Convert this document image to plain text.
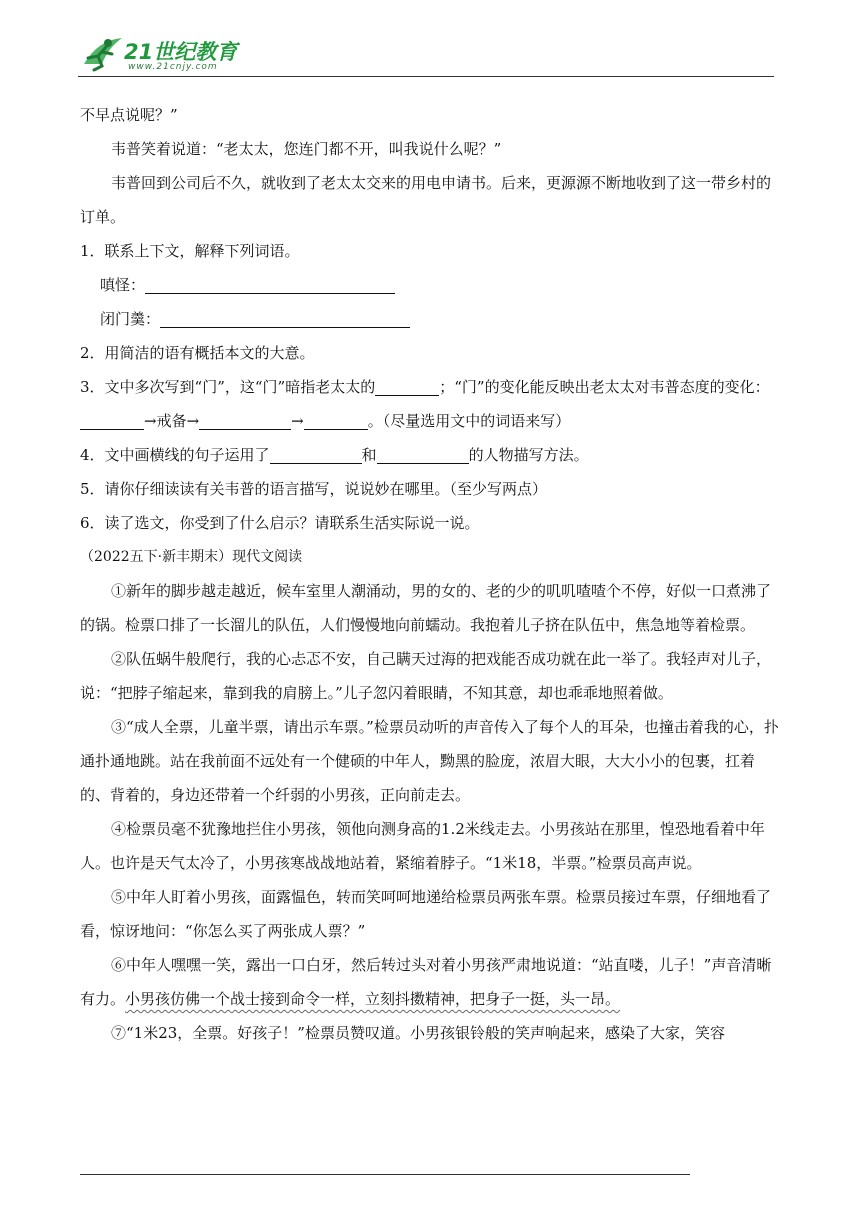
21世纪教育
www.21cnjy.com

不早点说呢？”

韦普笑着说道：“老太太，您连门都不开，叫我说什么呢？”

韦普回到公司后不久，就收到了老太太交来的用电申请书。后来，更源源不断地收到了这一带乡村的订单。

1．联系上下文，解释下列词语。

嗔怪：

闭门羹：

2．用简洁的语有概括本文的大意。

3．文中多次写到“门”，这“门”暗指老太太的	；“门”的变化能反映出老太太对韦普态度的变化：→戒备→	→	。（尽量选用文中的词语来写）

4．文中画横线的句子运用了	和	的人物描写方法。

5．请你仔细读读有关韦普的语言描写，说说妙在哪里。（至少写两点）

6．读了选文，你受到了什么启示？请联系生活实际说一说。

（2022五下·新丰期末）现代文阅读

①新年的脚步越走越近，候车室里人潮涌动，男的女的、老的少的叽叽喳喳个不停，好似一口煮沸了的锅。检票口排了一长溜儿的队伍，人们慢慢地向前蠕动。我抱着儿子挤在队伍中，焦急地等着检票。

②队伍蜗牛般爬行，我的心忐忑不安，自己瞒天过海的把戏能否成功就在此一举了。我轻声对儿子，说：“把脖子缩起来，靠到我的肩膀上。”儿子忽闪着眼睛，不知其意，却也乖乖地照着做。

③“成人全票，儿童半票，请出示车票。”检票员动听的声音传入了每个人的耳朵，也撞击着我的心，扑通扑通地跳。站在我前面不远处有一个健硕的中年人，黝黑的脸庞，浓眉大眼，大大小小的包裹，扛着的、背着的，身边还带着一个纤弱的小男孩，正向前走去。

④检票员毫不犹豫地拦住小男孩，领他向测身高的1.2米线走去。小男孩站在那里，惶恐地看着中年人。也许是天气太冷了，小男孩寒战战地站着，紧缩着脖子。“1米18，半票。”检票员高声说。

⑤中年人盯着小男孩，面露愠色，转而笑呵呵地递给检票员两张车票。检票员接过车票，仔细地看了看，惊讶地问：“你怎么买了两张成人票？”

⑥中年人嘿嘿一笑，露出一口白牙，然后转过头对着小男孩严肃地说道：“站直喽，儿子！”声音清晰有力。小男孩仿佛一个战士接到命令一样，立刻抖擞精神，把身子一挺，头一昂。

⑦“1米23，全票。好孩子！”检票员赞叹道。小男孩银铃般的笑声响起来，感染了大家，笑容
